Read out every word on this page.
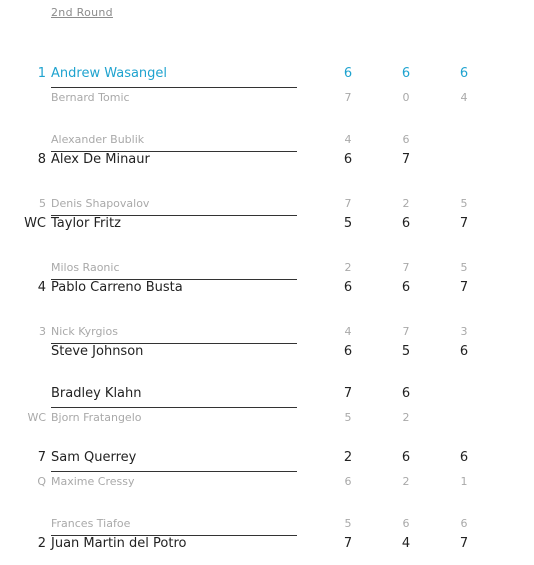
2nd Round
1 Andrew Wasangel	6	6	6
Bernard Tomic	7	0	4
Alexander Bublik	4	6
8 Alex De Minaur	6	7
5 Denis Shapovalov	7	2	5
WC Taylor Fritz	5	6	7
Milos Raonic	2	7	5
4 Pablo Carreno Busta	6	6	7
3 Nick Kyrgios	4	7	3
Steve Johnson	6	5	6
Bradley Klahn	7	6
WC Bjorn Fratangelo	5	2
7 Sam Querrey	2	6	6
Q Maxime Cressy	6	2	1
Frances Tiafoe	5	6	6
2 Juan Martin del Potro	7	4	7
